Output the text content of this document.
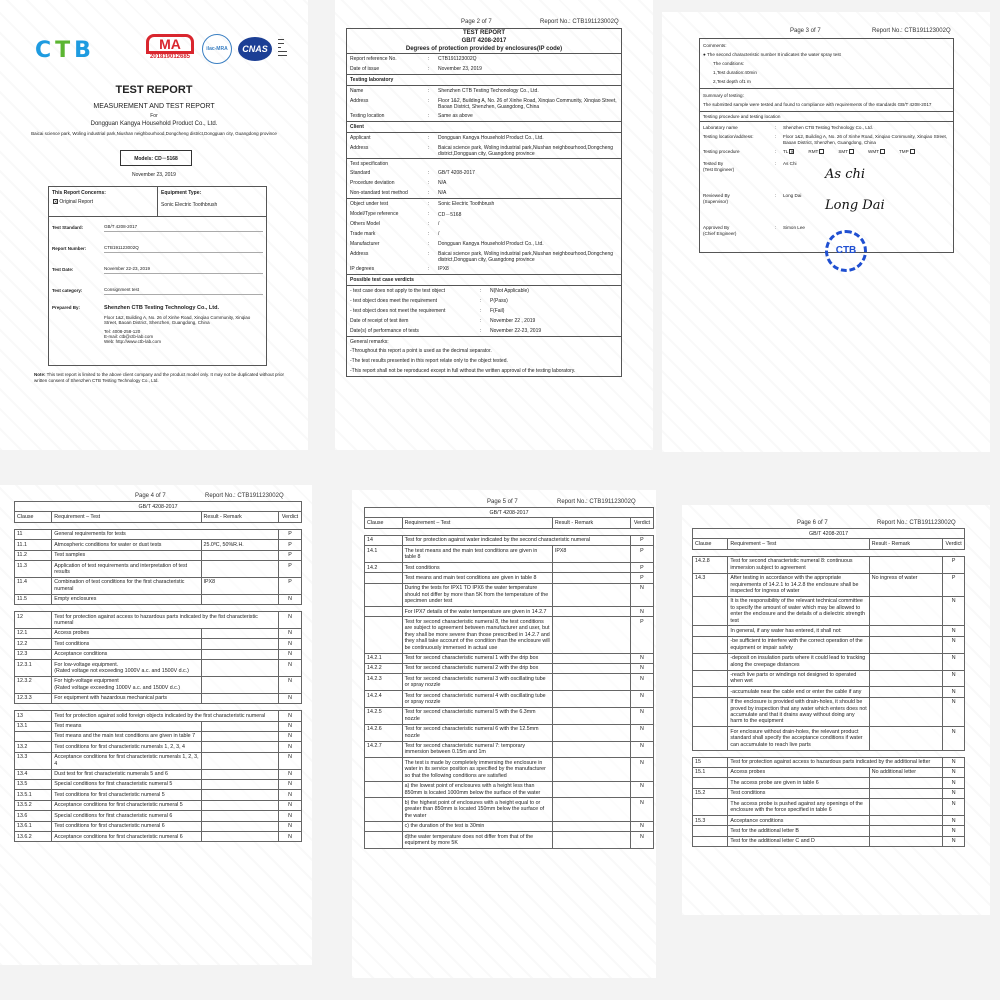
CTB	MA
201819012685
ilac-MRA	CNAS
▬▬
▬▬
▬
▬▬▬
▬▬▬
TEST REPORT
MEASUREMENT AND TEST REPORT
For
Dongguan Kangya Household Product Co., Ltd.
Baicai science park, Woling industrial park,Niushan neighbourhood,Dongcheng district,Dongguan city, Guangdong province
Models: CD－5168
November 23, 2019
This Report Concerns:
✕ Original Report
Equipment Type:
Sonic Electric Toothbrush
Test Standard:	GB/T 4208-2017
Report Number:	CTB191123002Q
Test Date:	November 22-23, 2019
Test category:	Consignment test
Prepared By:	Shenzhen CTB Testing Technology Co., Ltd.
Floor 1&2, Building A, No. 26 of Xinhe Road, Xinqiao Community, Xinqiao Street, Baoan District, Shenzhen, Guangdong, China
Tel: 4008-258-120
E-mail: ctb@ctb-lab.com
Web: http://www.ctb-lab.com
Note: This test report is limited to the above client company and the product model only. It may not be duplicated without prior written consent of Shenzhen CTB Testing Technology Co., Ltd.
Page 2 of 7	Report No.: CTB191123002Q
TEST REPORT
GB/T 4208-2017
Degrees of protection provided by enclosures(IP code)
Report reference No.	:	CTB191123002Q
Date of issue	:	November 23, 2019
Testing laboratory
Name	:	Shenzhen CTB Testing Techonology Co., Ltd.
Address	:	Floor 1&2, Building A, No. 26 of Xinhe Road, Xinqiao Community, Xinqiao Street, Baoan District, Shenzhen, Guangdong, China
Testing location	:	Same as above
Client
Applicant	:	Dongguan Kangya Household Product Co., Ltd.
Address	:	Baicai science park, Woling industrial park,Niushan neighbourhood,Dongcheng district,Dongguan city, Guangdong province
Test specification
Standard	:	GB/T 4208-2017
Procedure deviation	:	N/A
Non-standard test method	:	N/A
Object under test	:	Sonic Electric Toothbrush
Model/Type reference	:	CD－5168
Others Model	:	/
Trade mark	:	/
Manufacturer	:	Dongguan Kangya Household Product Co., Ltd.
Address	:	Baicai science park, Woling industrial park,Niushan neighbourhood,Dongcheng district,Dongguan city, Guangdong province
IP degrees	:	IPX8
Possible test case verdicts
- test case does not apply to the test object	:	N(Not Applicable)
- test object does meet the requirement	:	P(Pass)
- test object does not meet the requirement	:	F(Fail)
Date of receipt of test item	:	November 22 , 2019
Date(s) of performance of tests	:	November 22-23, 2019
General remarks:
-Throughout this report a point is used as the decimal separator.
-The test results presented in this report relate only to the object tested.
-This report shall not be reproduced except in full without the written approval of the testing laboratory.
Page 3 of 7	Report No.: CTB191123002Q
Comments:
● The second characteristic number 8 indicates the water spray test
The conditions:
1,Test duration:40min
2,Test depth of1 m
Summary of testing:
The submitted sample were tested and found to compliance with requirements of the standards GB/T 4208-2017
Testing procedure and testing location
Laboratory name	:	Shenzhen CTB Testing Technology Co., Ltd.
Testing location/address:	:	Floor 1&2, Building A, No. 26 of Xinhe Road, Xinqiao Community, Xinqiao Street, Baoan District, Shenzhen, Guangdong, China
Testing procedure	:	TL ✕	RMT	SMT	WMT	TMP
Tested By
(Test Engineer)
:	As Chi
Reviewed By
(Supervisor)
:	Long Dai
Approved By
(Chief Engineer)
:	Simon Lee
As chi
Long Dai
CTB
Page 4 of 7	Report No.: CTB191123002Q
GB/T 4208-2017
Clause	Requirement – Test	Result - Remark	Verdict
11	General requirements for tests		P
11.1	Atmospheric conditions for water or dust tests	25.0ºC, 50%R.H.	P
11.2	Test samples		P
11.3	Application of test requirements and interpretation of test results		P
11.4	Combination of test conditions for the first characteristic numeral	IPX8	P
11.5	Empty enclosures		N
12	Test for protection against access to hazardous parts indicated by the fist characteristic numeral		N
12.1	Access probes		N
12.2	Test conditions		N
12.3	Acceptance conditions		N
12.3.1	For low-voltage equipment.
(Rated voltage not exceeding 1000V a.c. and 1500V d.c.)		N
12.3.2	For high-voltage equipment
(Rated voltage exceeding 1000V a.c. and 1500V d.c.)		N
12.3.3	For equipment with hazardous mechanical parts		N
13	Test for protection against solid foreign objects indicated by the first characteristic numeral		N
13.1	Test means		N
	Test means and the main test conditions are given in table 7		N
13.2	Test conditions for first characteristic numerals 1, 2, 3, 4		N
13.3	Acceptance conditions for first characteristic numerals 1, 2, 3, 4		N
13.4	Dust test for first characteristic numerals 5 and 6		N
13.5	Special conditions for first characteristic numeral 5		N
13.5.1	Test conditions for first characteristic numeral 5		N
13.5.2	Acceptance conditions for first characteristic numeral 5		N
13.6	Special conditions for first characteristic numeral 6		N
13.6.1	Test conditions for first characteristic numeral 6		N
13.6.2	Acceptance conditions for first characteristic numeral 6		N
Page 5 of 7	Report No.: CTB191123002Q
GB/T 4208-2017
Clause	Requirement – Test	Result - Remark	Verdict
14	Test for protection against water indicated by the second characteristic numeral		P
14.1	The test means and the main test conditions are given in table 8	IPX8	P
14.2	Test conditions		P
	Test means and main test conditions are given in table 8		P
	During the tests for IPX1 TO IPX6 the water temperature should not differ by more than 5K from the temperature of the specimen under test		N
	For IPX7 details of the water temperature are given in 14.2.7		N
	Test for second characteristic numeral 8, the test conditions are subject to agreement between manufacturer and user, but they shall be more severe than those prescribed in 14.2.7 and they shall take account of the condition than the enclosure will be continuously immersed in actual use		P
14.2.1	Test for second characteristic numeral 1 with the drip box		N
14.2.2	Test for second characteristic numeral 2 with the drip box		N
14.2.3	Test for second characteristic numeral 3 with oscillating tube or spray nozzle		N
14.2.4	Test for second characteristic numeral 4 with oscillating tube or spray nozzle		N
14.2.5	Test for second characteristic numeral 5 with the 6.3mm nozzle		N
14.2.6	Test for second characteristic numeral 6 with the 12.5mm nozzle		N
14.2.7	Test for second characteristic numeral 7: temporary immersion between 0.15m and 1m		N
	The test is made by completely immersing the enclosure in water in its service position as specified by the manufacturer so that the following conditions are satisfied		N
	a) the lowest point of enclosures with a height less than 850mm is located 1000mm below the surface of the water		N
	b) the highest point of enclosures with a height equal to or greater than 850mm is located 150mm below the surface of the water		N
	c) the duration of the test is 30min		N
	d)the water temperature does not differ from that of the equipment by more 5K		N
Page 6 of 7	Report No.: CTB191123002Q
GB/T 4208-2017
Clause	Requirement – Test	Result - Remark	Verdict
14.2.8	Test for second characteristic numeral 8: continuous immersion subject to agreement		P
14.3	After testing in accordance with the appropriate requirements of 14.2.1 to 14.2.8 the enclosure shall be inspected for ingress of water	No ingress of water	P
	It is the responsibility of the relevant technical committee to specify the amount of water which may be allowed to enter the enclosure and the details of a dielectric strength test		N
	In general, if any water has entered, it shall not:		N
	-be sufficient to interfere with the correct operation of the equipment or impair safety		N
	-deposit on insulation parts where it could lead to tracking along the creepage distances		N
	-reach live parts or windings not designed to operated when wet		N
	-accumulate near the cable end or enter the cable if any		N
	If the enclosure is provided with drain-holes, it should be proved by inspection that any water which enters does not accumulate and that it drains away without doing any harm to the equipment		N
	For enclosure without drain-holes, the relevant product standard shall specify the acceptance conditions if water can accumulate to reach live parts		N
15	Test for protection against access to hazardous parts indicated by the additional letter		N
15.1	Access probes	No additional letter	N
	The access probe are given in table 6		N
15.2	Test conditions		N
	The access probe is pushed against any openings of the enclosure with the force specified in table 6		N
15.3	Acceptance conditions		N
	Test for the additional letter B		N
	Test for the additional letter C and D		N
